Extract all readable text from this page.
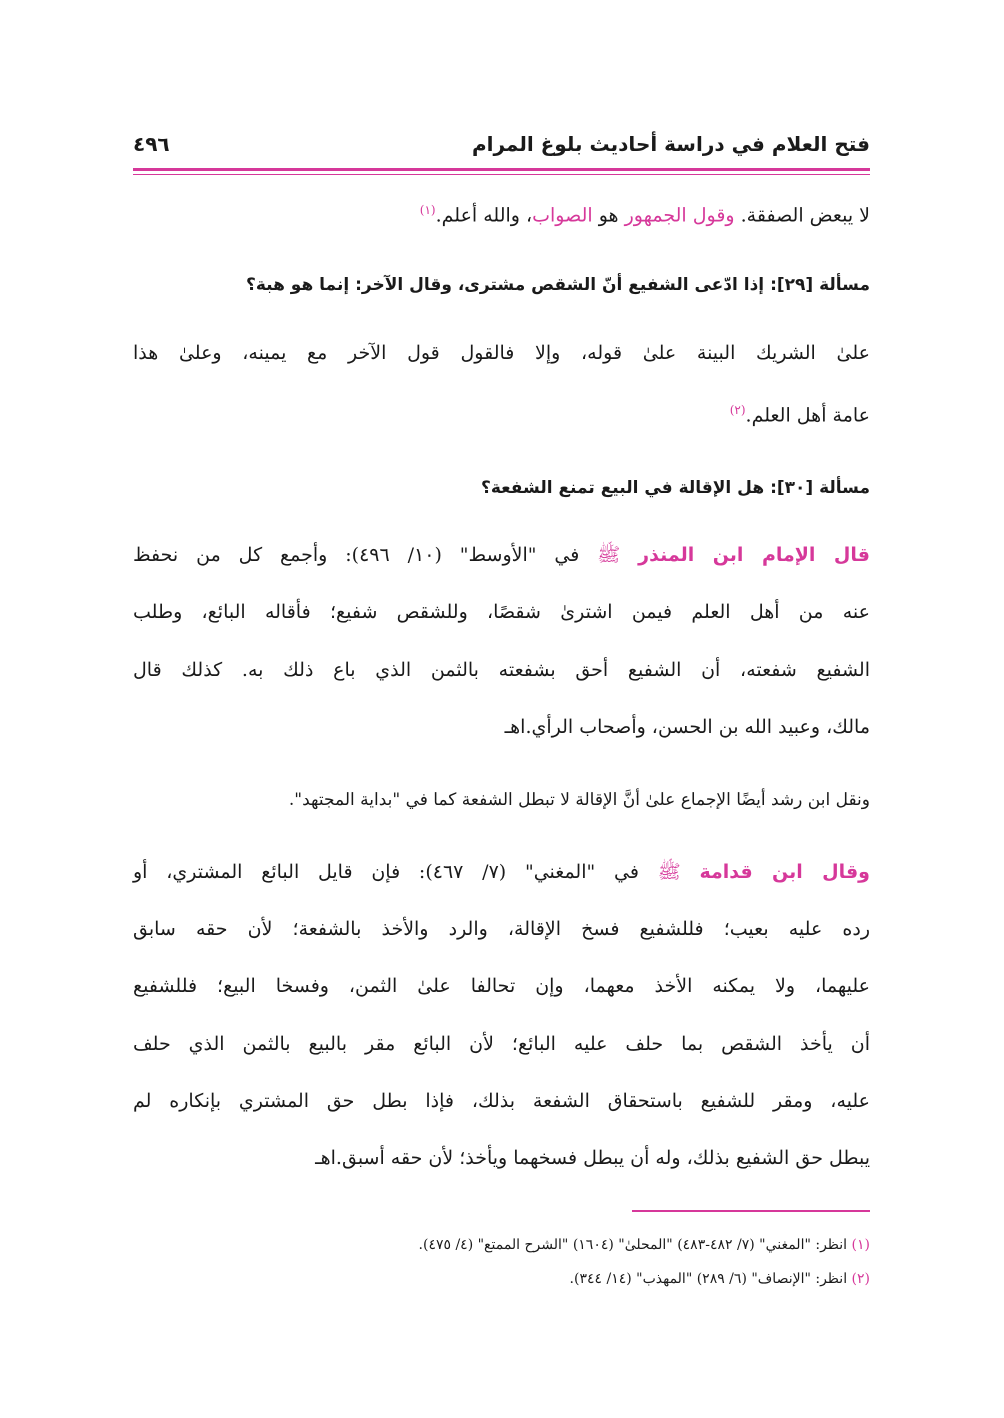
فتح العلام في دراسة أحاديث بلوغ المرام
٤٩٦
لا يبعض الصفقة. وقول الجمهور هو الصواب، والله أعلم.$^{(١)}$
مسألة [٢٩]: إذا ادّعى الشفيع أنّ الشقص مشترى، وقال الآخر: إنما هو هبة؟
علىٰ الشريك البينة علىٰ قوله، وإلا فالقول قول الآخر مع يمينه، وعلىٰ هذا
عامة أهل العلم.$^{(٢)}$
مسألة [٣٠]: هل الإقالة في البيع تمنع الشفعة؟
قال الإمام ابن المنذر ﷺ في "الأوسط" (١٠/ ٤٩٦): وأجمع كل من نحفظ
عنه من أهل العلم فيمن اشترىٰ شقصًا، وللشقص شفيع؛ فأقاله البائع، وطلب
الشفيع شفعته، أن الشفيع أحق بشفعته بالثمن الذي باع ذلك به. كذلك قال
مالك، وعبيد الله بن الحسن، وأصحاب الرأي.اهـ
ونقل ابن رشد أيضًا الإجماع علىٰ أنَّ الإقالة لا تبطل الشفعة كما في "بداية المجتهد".
وقال ابن قدامة ﷺ في "المغني" (٧/ ٤٦٧): فإن قايل البائع المشتري، أو
رده عليه بعيب؛ فللشفيع فسخ الإقالة، والرد والأخذ بالشفعة؛ لأن حقه سابق
عليهما، ولا يمكنه الأخذ معهما، وإن تحالفا علىٰ الثمن، وفسخا البيع؛ فللشفيع
أن يأخذ الشقص بما حلف عليه البائع؛ لأن البائع مقر بالبيع بالثمن الذي حلف
عليه، ومقر للشفيع باستحقاق الشفعة بذلك، فإذا بطل حق المشتري بإنكاره لم
يبطل حق الشفيع بذلك، وله أن يبطل فسخهما ويأخذ؛ لأن حقه أسبق.اهـ
(١) انظر: "المغني" (٧/ ٤٨٢-٤٨٣) "المحلىٰ" (١٦٠٤) "الشرح الممتع" (٤/ ٤٧٥).
(٢) انظر: "الإنصاف" (٦/ ٢٨٩) "المهذب" (١٤/ ٣٤٤).
